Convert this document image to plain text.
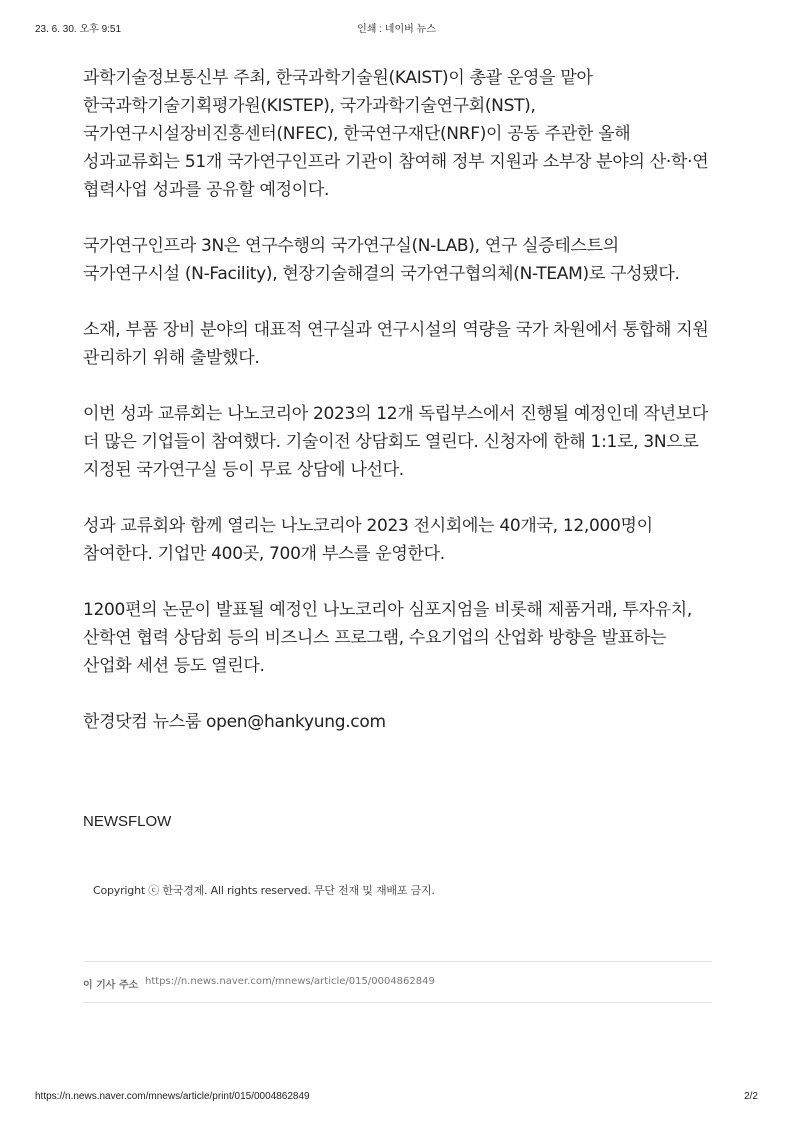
23. 6. 30. 오후 9:51	인쇄 : 네이버 뉴스

과학기술정보통신부 주최, 한국과학기술원(KAIST)이 총괄 운영을 맡아 한국과학기술기획평가원(KISTEP), 국가과학기술연구회(NST), 국가연구시설장비진흥센터(NFEC), 한국연구재단(NRF)이 공동 주관한 올해 성과교류회는 51개 국가연구인프라 기관이 참여해 정부 지원과 소부장 분야의 산·학·연 협력사업 성과를 공유할 예정이다.

국가연구인프라 3N은 연구수행의 국가연구실(N-LAB), 연구 실증테스트의 국가연구시설 (N-Facility), 현장기술해결의 국가연구협의체(N-TEAM)로 구성됐다.

소재, 부품 장비 분야의 대표적 연구실과 연구시설의 역량을 국가 차원에서 통합해 지원 관리하기 위해 출발했다.

이번 성과 교류회는 나노코리아 2023의 12개 독립부스에서 진행될 예정인데 작년보다 더 많은 기업들이 참여했다. 기술이전 상담회도 열린다. 신청자에 한해 1:1로, 3N으로 지정된 국가연구실 등이 무료 상담에 나선다.

성과 교류회와 함께 열리는 나노코리아 2023 전시회에는 40개국, 12,000명이 참여한다. 기업만 400곳, 700개 부스를 운영한다.

1200편의 논문이 발표될 예정인 나노코리아 심포지엄을 비롯해 제품거래, 투자유치, 산학연 협력 상담회 등의 비즈니스 프로그램, 수요기업의 산업화 방향을 발표하는 산업화 세션 등도 열린다.

한경닷컴 뉴스룸 open@hankyung.com

NEWSFLOW
Copyright ⓒ 한국경제. All rights reserved. 무단 전재 및 재배포 금지.
이 기사 주소 https://n.news.naver.com/mnews/article/015/0004862849
https://n.news.naver.com/mnews/article/print/015/0004862849	2/2
